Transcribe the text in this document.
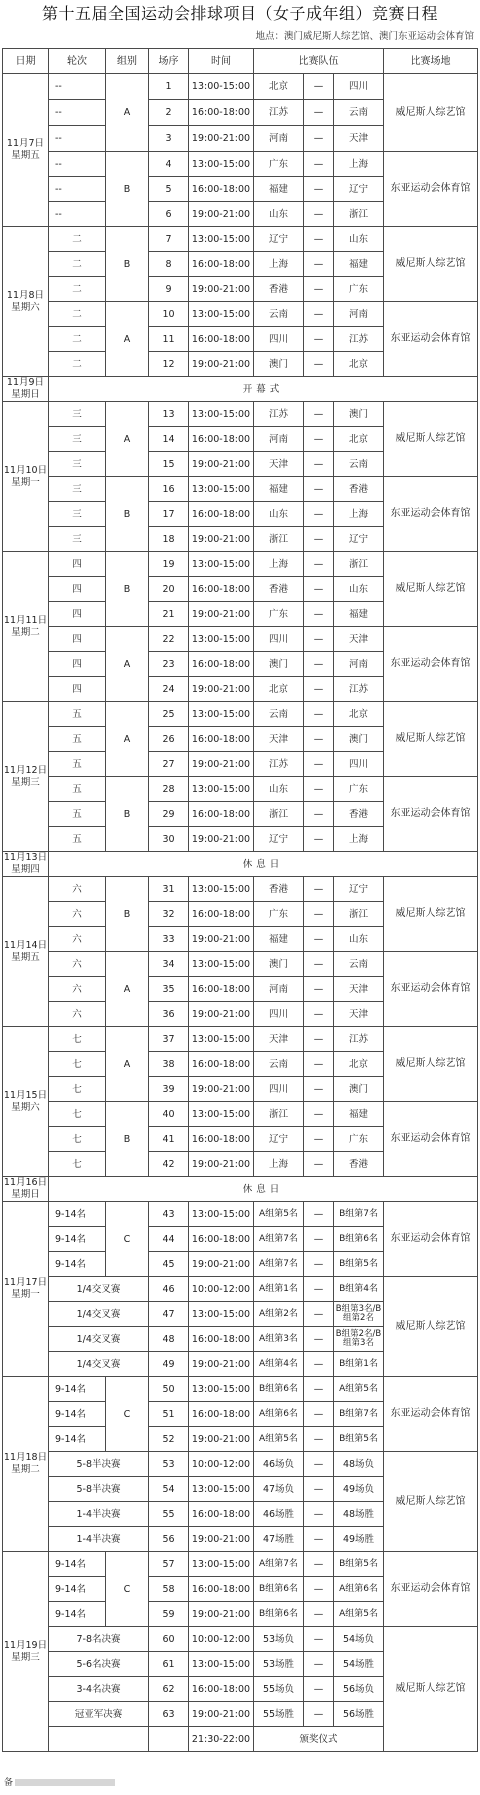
第十五届全国运动会排球项目（女子成年组）竞赛日程
地点：澳门威尼斯人综艺馆、澳门东亚运动会体育馆
日期	轮次	组别	场序	时间	比赛队伍			比赛场地
11月7日星期五	--	A	1	13:00-15:00	北京	—	四川	威尼斯人综艺馆
	--		2	16:00-18:00	江苏	—	云南	
	--		3	19:00-21:00	河南	—	天津	
	--	B	4	13:00-15:00	广东	—	上海	东亚运动会体育馆
	--		5	16:00-18:00	福建	—	辽宁	
	--		6	19:00-21:00	山东	—	浙江	
11月8日星期六	二	B	7	13:00-15:00	辽宁	—	山东	威尼斯人综艺馆
	二		8	16:00-18:00	上海	—	福建	
	二		9	19:00-21:00	香港	—	广东	
	二	A	10	13:00-15:00	云南	—	河南	东亚运动会体育馆
	二		11	16:00-18:00	四川	—	江苏	
	二		12	19:00-21:00	澳门	—	北京	
11月9日星期日	开幕式							
11月10日星期一	三	A	13	13:00-15:00	江苏	—	澳门	威尼斯人综艺馆
	三		14	16:00-18:00	河南	—	北京	
	三		15	19:00-21:00	天津	—	云南	
	三	B	16	13:00-15:00	福建	—	香港	东亚运动会体育馆
	三		17	16:00-18:00	山东	—	上海	
	三		18	19:00-21:00	浙江	—	辽宁	
11月11日星期二	四	B	19	13:00-15:00	上海	—	浙江	威尼斯人综艺馆
	四		20	16:00-18:00	香港	—	山东	
	四		21	19:00-21:00	广东	—	福建	
	四	A	22	13:00-15:00	四川	—	天津	东亚运动会体育馆
	四		23	16:00-18:00	澳门	—	河南	
	四		24	19:00-21:00	北京	—	江苏	
11月12日星期三	五	A	25	13:00-15:00	云南	—	北京	威尼斯人综艺馆
	五		26	16:00-18:00	天津	—	澳门	
	五		27	19:00-21:00	江苏	—	四川	
	五	B	28	13:00-15:00	山东	—	广东	东亚运动会体育馆
	五		29	16:00-18:00	浙江	—	香港	
	五		30	19:00-21:00	辽宁	—	上海	
11月13日星期四	休息日							
11月14日星期五	六	B	31	13:00-15:00	香港	—	辽宁	威尼斯人综艺馆
	六		32	16:00-18:00	广东	—	浙江	
	六		33	19:00-21:00	福建	—	山东	
	六	A	34	13:00-15:00	澳门	—	云南	东亚运动会体育馆
	六		35	16:00-18:00	河南	—	天津	
	六		36	19:00-21:00	四川	—	天津	
11月15日星期六	七	A	37	13:00-15:00	天津	—	江苏	威尼斯人综艺馆
	七		38	16:00-18:00	云南	—	北京	
	七		39	19:00-21:00	四川	—	澳门	
	七	B	40	13:00-15:00	浙江	—	福建	东亚运动会体育馆
	七		41	16:00-18:00	辽宁	—	广东	
	七		42	19:00-21:00	上海	—	香港	
11月16日星期日	休息日							
11月17日星期一	9-14名	C	43	13:00-15:00	A组第5名	—	B组第7名	东亚运动会体育馆
	9-14名		44	16:00-18:00	A组第7名	—	B组第6名	
	9-14名		45	19:00-21:00	A组第7名	—	B组第5名	
	1/4交叉赛		46	10:00-12:00	A组第1名	—	B组第4名	威尼斯人综艺馆
	1/4交叉赛		47	13:00-15:00	A组第2名	—	B组第3名/B组第2名	
	1/4交叉赛		48	16:00-18:00	A组第3名	—	B组第2名/B组第3名	
	1/4交叉赛		49	19:00-21:00	A组第4名	—	B组第1名	
11月18日星期二	9-14名	C	50	13:00-15:00	B组第6名	—	A组第5名	东亚运动会体育馆
	9-14名		51	16:00-18:00	A组第6名	—	B组第7名	
	9-14名		52	19:00-21:00	A组第5名	—	B组第5名	
	5-8半决赛		53	10:00-12:00	46场负	—	48场负	威尼斯人综艺馆
	5-8半决赛		54	13:00-15:00	47场负	—	49场负	
	1-4半决赛		55	16:00-18:00	46场胜	—	48场胜	
	1-4半决赛		56	19:00-21:00	47场胜	—	49场胜	
11月19日星期三	9-14名	C	57	13:00-15:00	A组第7名	—	B组第5名	东亚运动会体育馆
	9-14名		58	16:00-18:00	B组第6名	—	A组第6名	
	9-14名		59	19:00-21:00	B组第6名	—	A组第5名	
	7-8名决赛		60	10:00-12:00	53场负	—	54场负	威尼斯人综艺馆
	5-6名决赛		61	13:00-15:00	53场胜	—	54场胜	
	3-4名决赛		62	16:00-18:00	55场负	—	56场负	
	冠亚军决赛		63	19:00-21:00	55场胜	—	56场胜	
				21:30-22:00	颁奖仪式			
备
